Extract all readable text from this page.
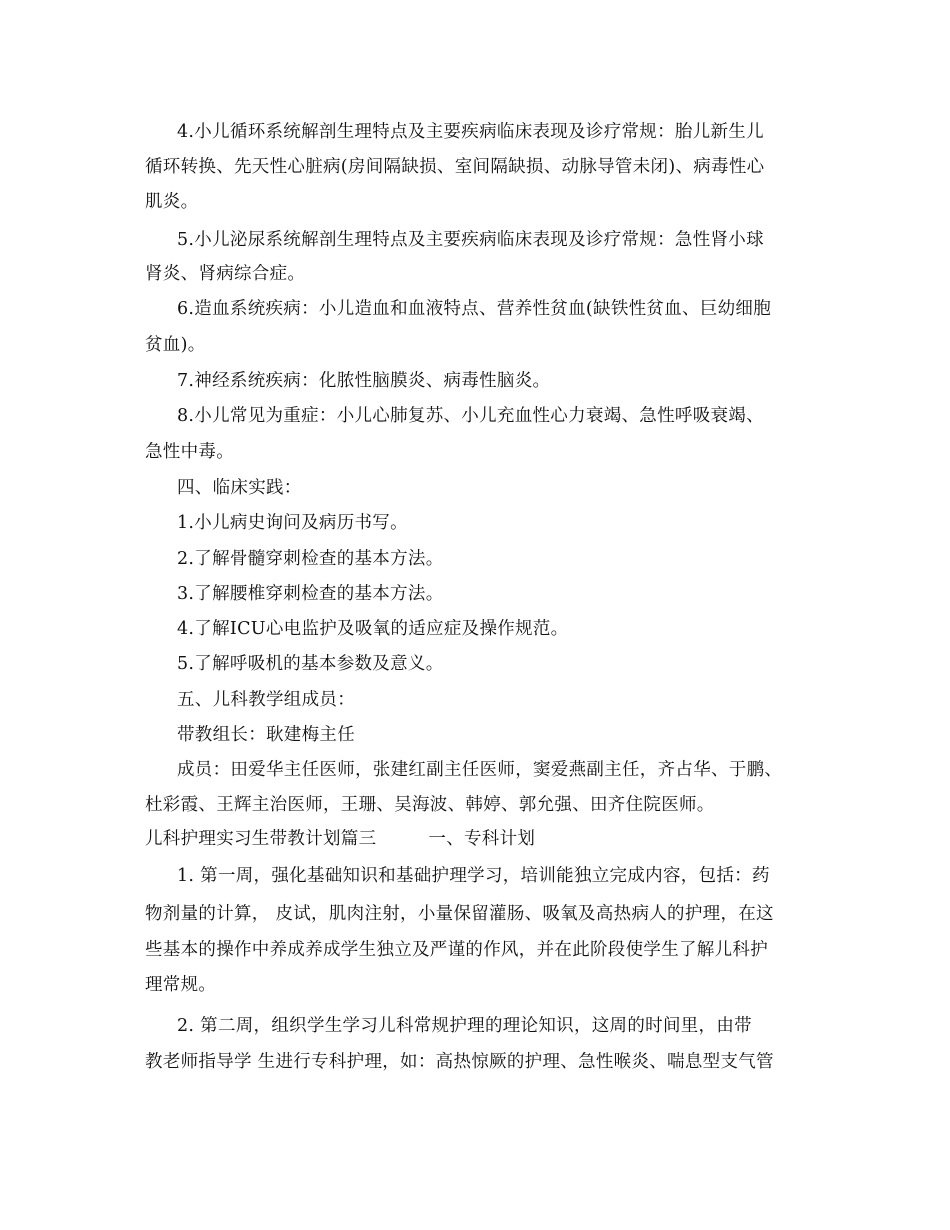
4.小儿循环系统解剖生理特点及主要疾病临床表现及诊疗常规：胎儿新生儿
循环转换、先天性心脏病(房间隔缺损、室间隔缺损、动脉导管未闭)、病毒性心
肌炎。
5.小儿泌尿系统解剖生理特点及主要疾病临床表现及诊疗常规：急性肾小球
肾炎、肾病综合症。
6.造血系统疾病：小儿造血和血液特点、营养性贫血(缺铁性贫血、巨幼细胞
贫血)。
7.神经系统疾病：化脓性脑膜炎、病毒性脑炎。
8.小儿常见为重症：小儿心肺复苏、小儿充血性心力衰竭、急性呼吸衰竭、
急性中毒。
四、临床实践：
1.小儿病史询问及病历书写。
2.了解骨髓穿刺检查的基本方法。
3.了解腰椎穿刺检查的基本方法。
4.了解ICU心电监护及吸氧的适应症及操作规范。
5.了解呼吸机的基本参数及意义。
五、儿科教学组成员：
带教组长：耿建梅主任
成员：田爱华主任医师，张建红副主任医师，窦爱燕副主任，齐占华、于鹏、
杜彩霞、王辉主治医师，王珊、吴海波、韩婷、郭允强、田齐住院医师。
儿科护理实习生带教计划篇三	一、专科计划
1. 第一周，强化基础知识和基础护理学习，培训能独立完成内容，包括：药
物剂量的计算， 皮试，肌肉注射，小量保留灌肠、吸氧及高热病人的护理，在这
些基本的操作中养成养成学生独立及严谨的作风，并在此阶段使学生了解儿科护
理常规。
2. 第二周，组织学生学习儿科常规护理的理论知识，这周的时间里，由带
教老师指导学 生进行专科护理，如：高热惊厥的护理、急性喉炎、喘息型支气管
